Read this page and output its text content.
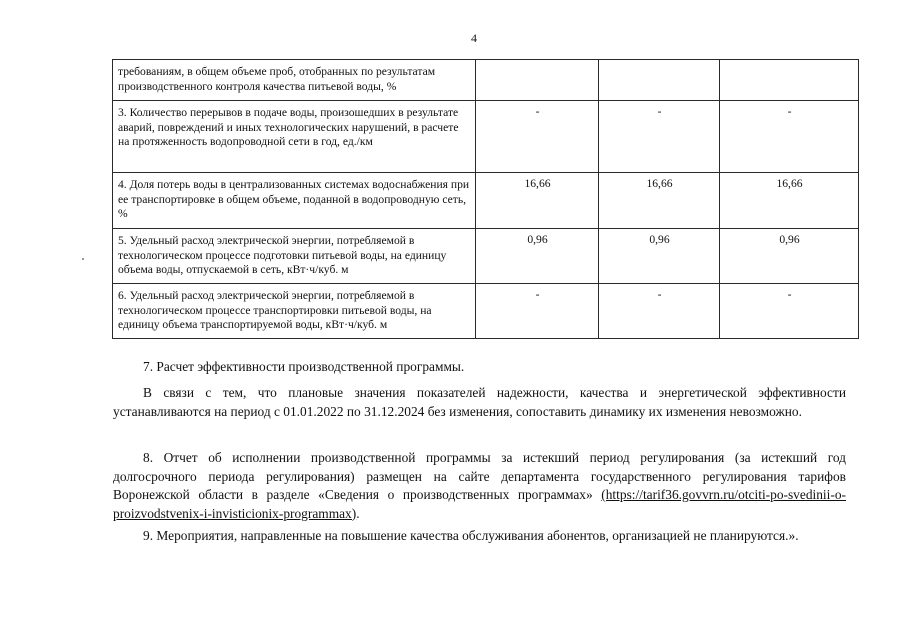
4
требованиям, в общем объеме проб, отобранных по результатам производственного контроля качества питьевой воды, %			
3. Количество перерывов в подаче воды, произошедших в результате аварий, повреждений и иных технологических нарушений, в расчете на протяженность водопроводной сети в год, ед./км	-	-	-
4. Доля потерь воды в централизованных системах водоснабжения при ее транспортировке в общем объеме, поданной в водопроводную сеть, %	16,66	16,66	16,66
5. Удельный расход электрической энергии, потребляемой в технологическом процессе подготовки питьевой воды, на единицу объема воды, отпускаемой в сеть, кВт·ч/куб. м	0,96	0,96	0,96
6. Удельный расход электрической энергии, потребляемой в технологическом процессе транспортировки питьевой воды, на единицу объема транспортируемой воды, кВт·ч/куб. м	-	-	-

7. Расчет эффективности производственной программы.

В связи с тем, что плановые значения показателей надежности, качества и энергетической эффективности устанавливаются на период с 01.01.2022 по 31.12.2024 без изменения, сопоставить динамику их изменения невозможно.

8. Отчет об исполнении производственной программы за истекший период регулирования (за истекший год долгосрочного периода регулирования) размещен на сайте департамента государственного регулирования тарифов Воронежской области в разделе «Сведения о производственных программах» (https://tarif36.govvrn.ru/otciti-po-svedinii-o-proizvodstvenix-i-invisticionix-programmax).

9. Мероприятия, направленные на повышение качества обслуживания абонентов, организацией не планируются.».
